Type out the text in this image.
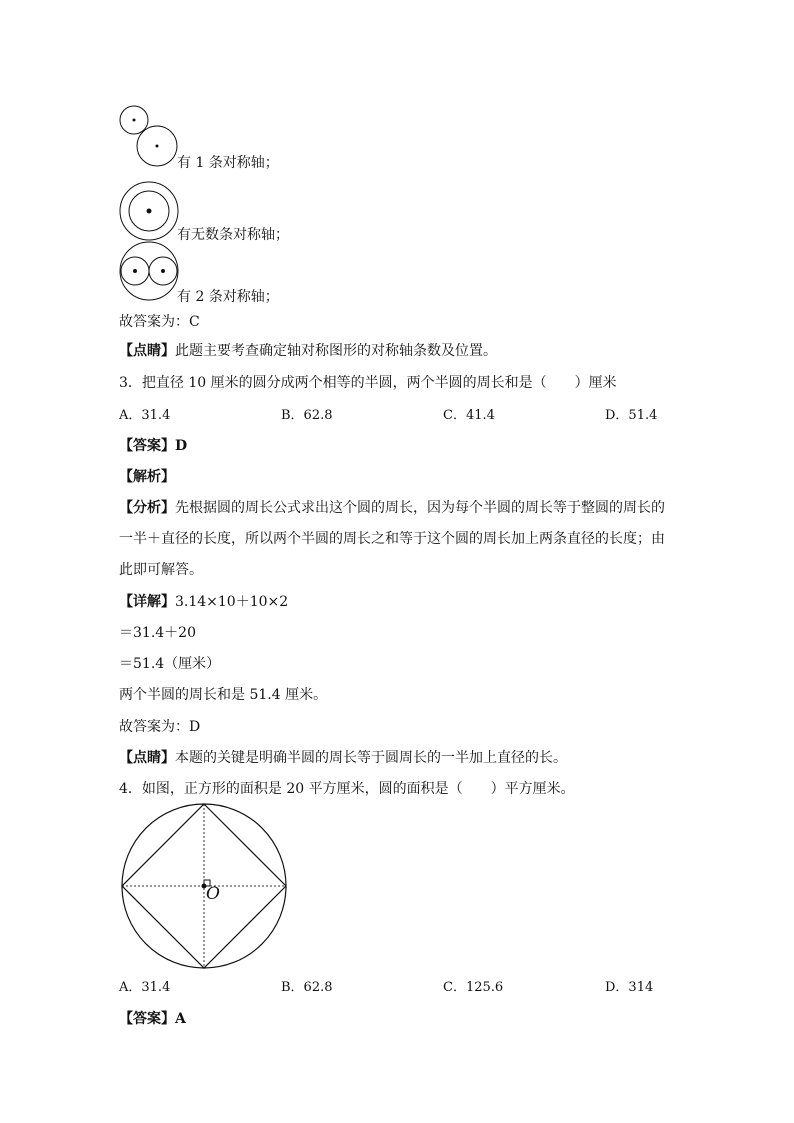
有 1 条对称轴；
有无数条对称轴；
有 2 条对称轴；
故答案为：C
【点睛】此题主要考查确定轴对称图形的对称轴条数及位置。
3．把直径 10 厘米的圆分成两个相等的半圆，两个半圆的周长和是（　　）厘米
A．31.4	B．62.8	C．41.4	D．51.4
【答案】D
【解析】
【分析】先根据圆的周长公式求出这个圆的周长，因为每个半圆的周长等于整圆的周长的
一半＋直径的长度，所以两个半圆的周长之和等于这个圆的周长加上两条直径的长度；由
此即可解答。
【详解】3.14×10＋10×2
＝31.4＋20
＝51.4（厘米）
两个半圆的周长和是 51.4 厘米。
故答案为：D
【点睛】本题的关键是明确半圆的周长等于圆周长的一半加上直径的长。
4．如图，正方形的面积是 20 平方厘米，圆的面积是（　　）平方厘米。
O
A．31.4	B．62.8	C．125.6	D．314
【答案】A
